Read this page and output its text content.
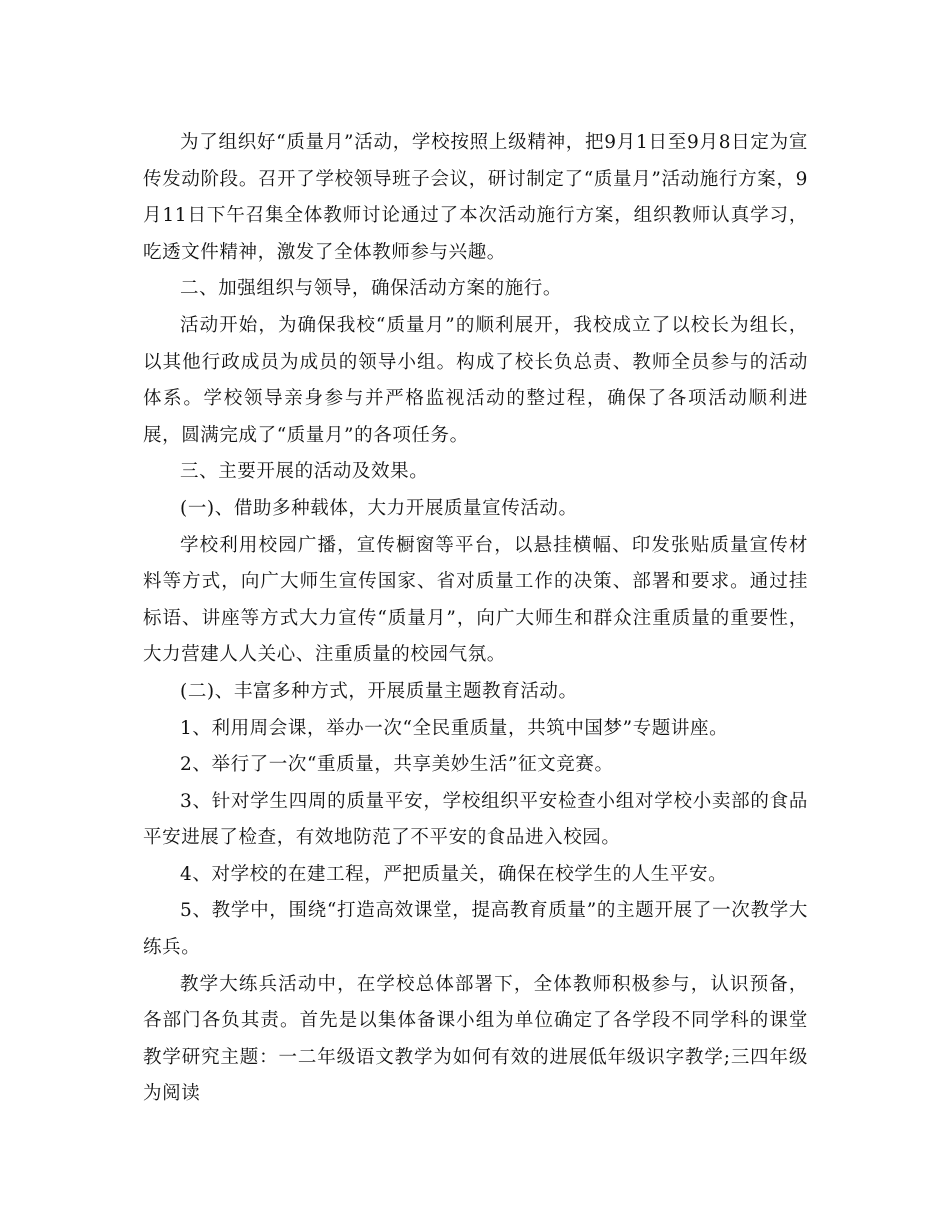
为了组织好“质量月”活动，学校按照上级精神，把9月1日至9月8日定为宣传发动阶段。召开了学校领导班子会议，研讨制定了“质量月”活动施行方案，9月11日下午召集全体教师讨论通过了本次活动施行方案，组织教师认真学习，吃透文件精神，激发了全体教师参与兴趣。

二、加强组织与领导，确保活动方案的施行。

活动开始，为确保我校“质量月”的顺利展开，我校成立了以校长为组长，以其他行政成员为成员的领导小组。构成了校长负总责、教师全员参与的活动体系。学校领导亲身参与并严格监视活动的整过程，确保了各项活动顺利进展，圆满完成了“质量月”的各项任务。

三、主要开展的活动及效果。

(一)、借助多种载体，大力开展质量宣传活动。

学校利用校园广播，宣传橱窗等平台，以悬挂横幅、印发张贴质量宣传材料等方式，向广大师生宣传国家、省对质量工作的决策、部署和要求。通过挂标语、讲座等方式大力宣传“质量月”，向广大师生和群众注重质量的重要性，大力营建人人关心、注重质量的校园气氛。

(二)、丰富多种方式，开展质量主题教育活动。

1、利用周会课，举办一次“全民重质量，共筑中国梦”专题讲座。

2、举行了一次“重质量，共享美妙生活”征文竞赛。

3、针对学生四周的质量平安，学校组织平安检查小组对学校小卖部的食品平安进展了检查，有效地防范了不平安的食品进入校园。

4、对学校的在建工程，严把质量关，确保在校学生的人生平安。

5、教学中，围绕“打造高效课堂，提高教育质量”的主题开展了一次教学大练兵。

教学大练兵活动中，在学校总体部署下，全体教师积极参与，认识预备，各部门各负其责。首先是以集体备课小组为单位确定了各学段不同学科的课堂教学研究主题：一二年级语文教学为如何有效的进展低年级识字教学;三四年级为阅读
